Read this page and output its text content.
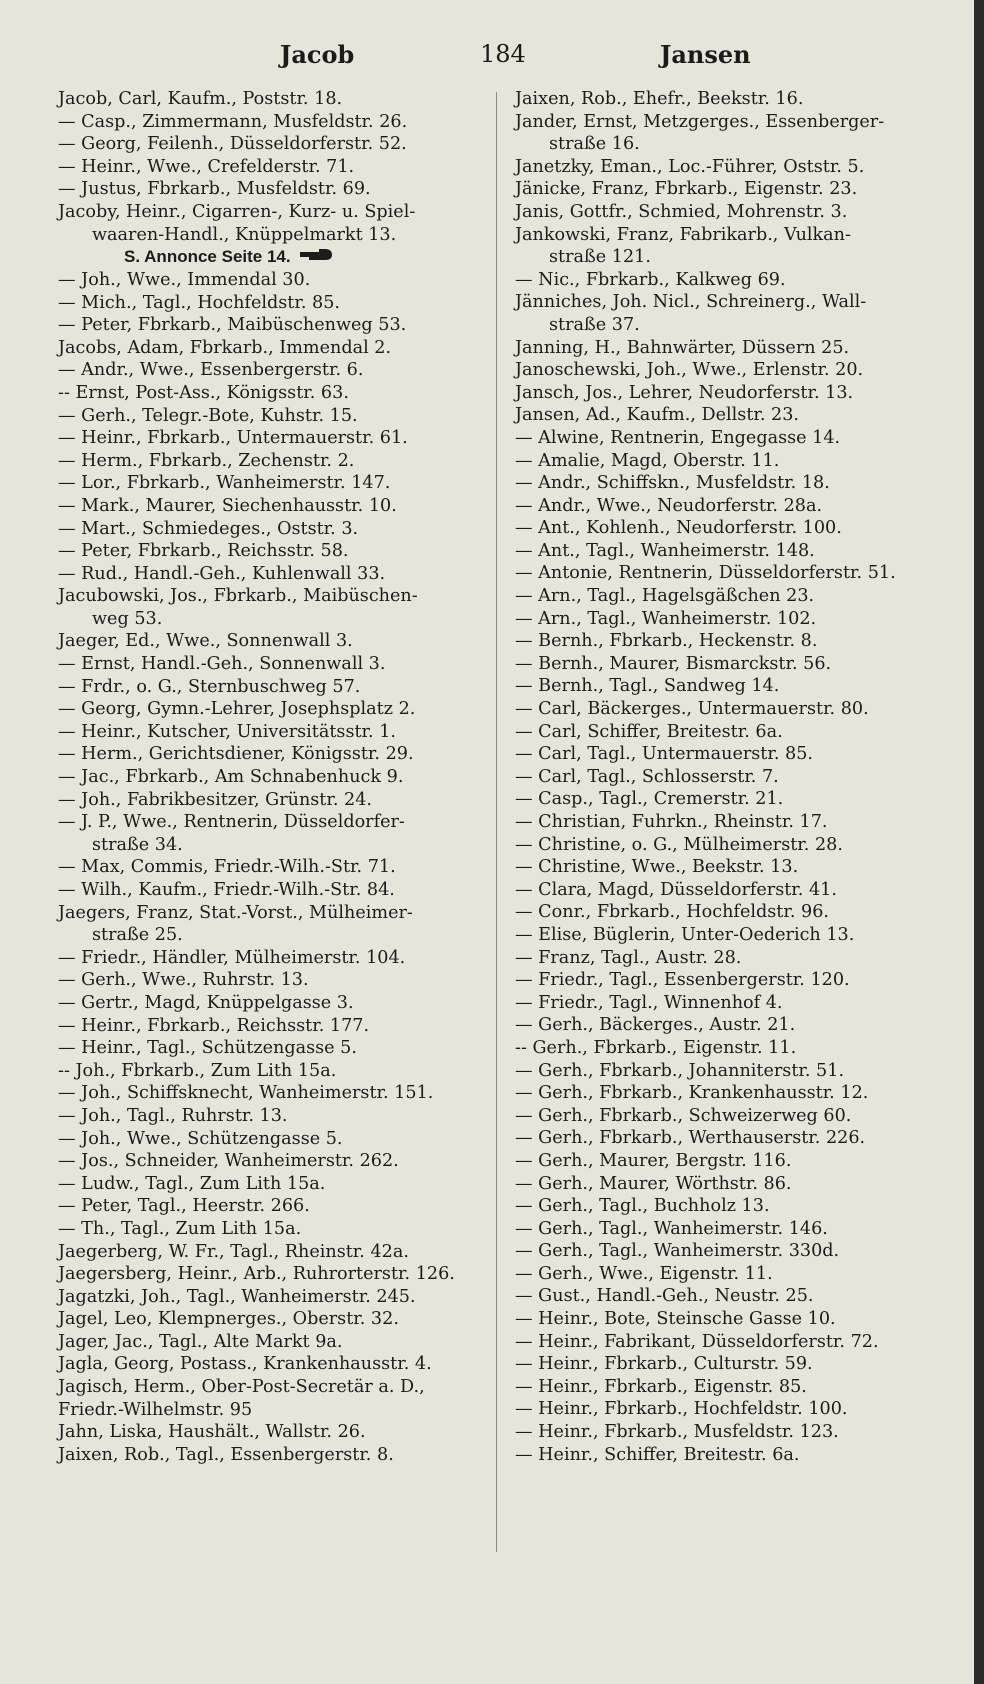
Jacob	184	Jansen
Jacob, Carl, Kaufm., Poststr. 18.
— Casp., Zimmermann, Musfeldstr. 26.
— Georg, Feilenh., Düsseldorferstr. 52.
— Heinr., Wwe., Crefelderstr. 71.
— Justus, Fbrkarb., Musfeldstr. 69.
Jacoby, Heinr., Cigarren-, Kurz- u. Spiel-
waaren-Handl., Knüppelmarkt 13.
S. Annonce Seite 14.
— Joh., Wwe., Immendal 30.
— Mich., Tagl., Hochfeldstr. 85.
— Peter, Fbrkarb., Maibüschenweg 53.
Jacobs, Adam, Fbrkarb., Immendal 2.
— Andr., Wwe., Essenbergerstr. 6.
-- Ernst, Post-Ass., Königsstr. 63.
— Gerh., Telegr.-Bote, Kuhstr. 15.
— Heinr., Fbrkarb., Untermauerstr. 61.
— Herm., Fbrkarb., Zechenstr. 2.
— Lor., Fbrkarb., Wanheimerstr. 147.
— Mark., Maurer, Siechenhausstr. 10.
— Mart., Schmiedeges., Oststr. 3.
— Peter, Fbrkarb., Reichsstr. 58.
— Rud., Handl.-Geh., Kuhlenwall 33.
Jacubowski, Jos., Fbrkarb., Maibüschen-
weg 53.
Jaeger, Ed., Wwe., Sonnenwall 3.
— Ernst, Handl.-Geh., Sonnenwall 3.
— Frdr., o. G., Sternbuschweg 57.
— Georg, Gymn.-Lehrer, Josephsplatz 2.
— Heinr., Kutscher, Universitätsstr. 1.
— Herm., Gerichtsdiener, Königsstr. 29.
— Jac., Fbrkarb., Am Schnabenhuck 9.
— Joh., Fabrikbesitzer, Grünstr. 24.
— J. P., Wwe., Rentnerin, Düsseldorfer-
straße 34.
— Max, Commis, Friedr.-Wilh.-Str. 71.
— Wilh., Kaufm., Friedr.-Wilh.-Str. 84.
Jaegers, Franz, Stat.-Vorst., Mülheimer-
straße 25.
— Friedr., Händler, Mülheimerstr. 104.
— Gerh., Wwe., Ruhrstr. 13.
— Gertr., Magd, Knüppelgasse 3.
— Heinr., Fbrkarb., Reichsstr. 177.
— Heinr., Tagl., Schützengasse 5.
-- Joh., Fbrkarb., Zum Lith 15a.
— Joh., Schiffsknecht, Wanheimerstr. 151.
— Joh., Tagl., Ruhrstr. 13.
— Joh., Wwe., Schützengasse 5.
— Jos., Schneider, Wanheimerstr. 262.
— Ludw., Tagl., Zum Lith 15a.
— Peter, Tagl., Heerstr. 266.
— Th., Tagl., Zum Lith 15a.
Jaegerberg, W. Fr., Tagl., Rheinstr. 42a.
Jaegersberg, Heinr., Arb., Ruhrorterstr. 126.
Jagatzki, Joh., Tagl., Wanheimerstr. 245.
Jagel, Leo, Klempnerges., Oberstr. 32.
Jager, Jac., Tagl., Alte Markt 9a.
Jagla, Georg, Postass., Krankenhausstr. 4.
Jagisch, Herm., Ober-Post-Secretär a. D.,
Friedr.-Wilhelmstr. 95
Jahn, Liska, Haushält., Wallstr. 26.
Jaixen, Rob., Tagl., Essenbergerstr. 8.
Jaixen, Rob., Ehefr., Beekstr. 16.
Jander, Ernst, Metzgerges., Essenberger-
straße 16.
Janetzky, Eman., Loc.-Führer, Oststr. 5.
Jänicke, Franz, Fbrkarb., Eigenstr. 23.
Janis, Gottfr., Schmied, Mohrenstr. 3.
Jankowski, Franz, Fabrikarb., Vulkan-
straße 121.
— Nic., Fbrkarb., Kalkweg 69.
Jänniches, Joh. Nicl., Schreinerg., Wall-
straße 37.
Janning, H., Bahnwärter, Düssern 25.
Janoschewski, Joh., Wwe., Erlenstr. 20.
Jansch, Jos., Lehrer, Neudorferstr. 13.
Jansen, Ad., Kaufm., Dellstr. 23.
— Alwine, Rentnerin, Engegasse 14.
— Amalie, Magd, Oberstr. 11.
— Andr., Schiffskn., Musfeldstr. 18.
— Andr., Wwe., Neudorferstr. 28a.
— Ant., Kohlenh., Neudorferstr. 100.
— Ant., Tagl., Wanheimerstr. 148.
— Antonie, Rentnerin, Düsseldorferstr. 51.
— Arn., Tagl., Hagelsgäßchen 23.
— Arn., Tagl., Wanheimerstr. 102.
— Bernh., Fbrkarb., Heckenstr. 8.
— Bernh., Maurer, Bismarckstr. 56.
— Bernh., Tagl., Sandweg 14.
— Carl, Bäckerges., Untermauerstr. 80.
— Carl, Schiffer, Breitestr. 6a.
— Carl, Tagl., Untermauerstr. 85.
— Carl, Tagl., Schlosserstr. 7.
— Casp., Tagl., Cremerstr. 21.
— Christian, Fuhrkn., Rheinstr. 17.
— Christine, o. G., Mülheimerstr. 28.
— Christine, Wwe., Beekstr. 13.
— Clara, Magd, Düsseldorferstr. 41.
— Conr., Fbrkarb., Hochfeldstr. 96.
— Elise, Büglerin, Unter-Oederich 13.
— Franz, Tagl., Austr. 28.
— Friedr., Tagl., Essenbergerstr. 120.
— Friedr., Tagl., Winnenhof 4.
— Gerh., Bäckerges., Austr. 21.
-- Gerh., Fbrkarb., Eigenstr. 11.
— Gerh., Fbrkarb., Johanniterstr. 51.
— Gerh., Fbrkarb., Krankenhausstr. 12.
— Gerh., Fbrkarb., Schweizerweg 60.
— Gerh., Fbrkarb., Werthauserstr. 226.
— Gerh., Maurer, Bergstr. 116.
— Gerh., Maurer, Wörthstr. 86.
— Gerh., Tagl., Buchholz 13.
— Gerh., Tagl., Wanheimerstr. 146.
— Gerh., Tagl., Wanheimerstr. 330d.
— Gerh., Wwe., Eigenstr. 11.
— Gust., Handl.-Geh., Neustr. 25.
— Heinr., Bote, Steinsche Gasse 10.
— Heinr., Fabrikant, Düsseldorferstr. 72.
— Heinr., Fbrkarb., Culturstr. 59.
— Heinr., Fbrkarb., Eigenstr. 85.
— Heinr., Fbrkarb., Hochfeldstr. 100.
— Heinr., Fbrkarb., Musfeldstr. 123.
— Heinr., Schiffer, Breitestr. 6a.
